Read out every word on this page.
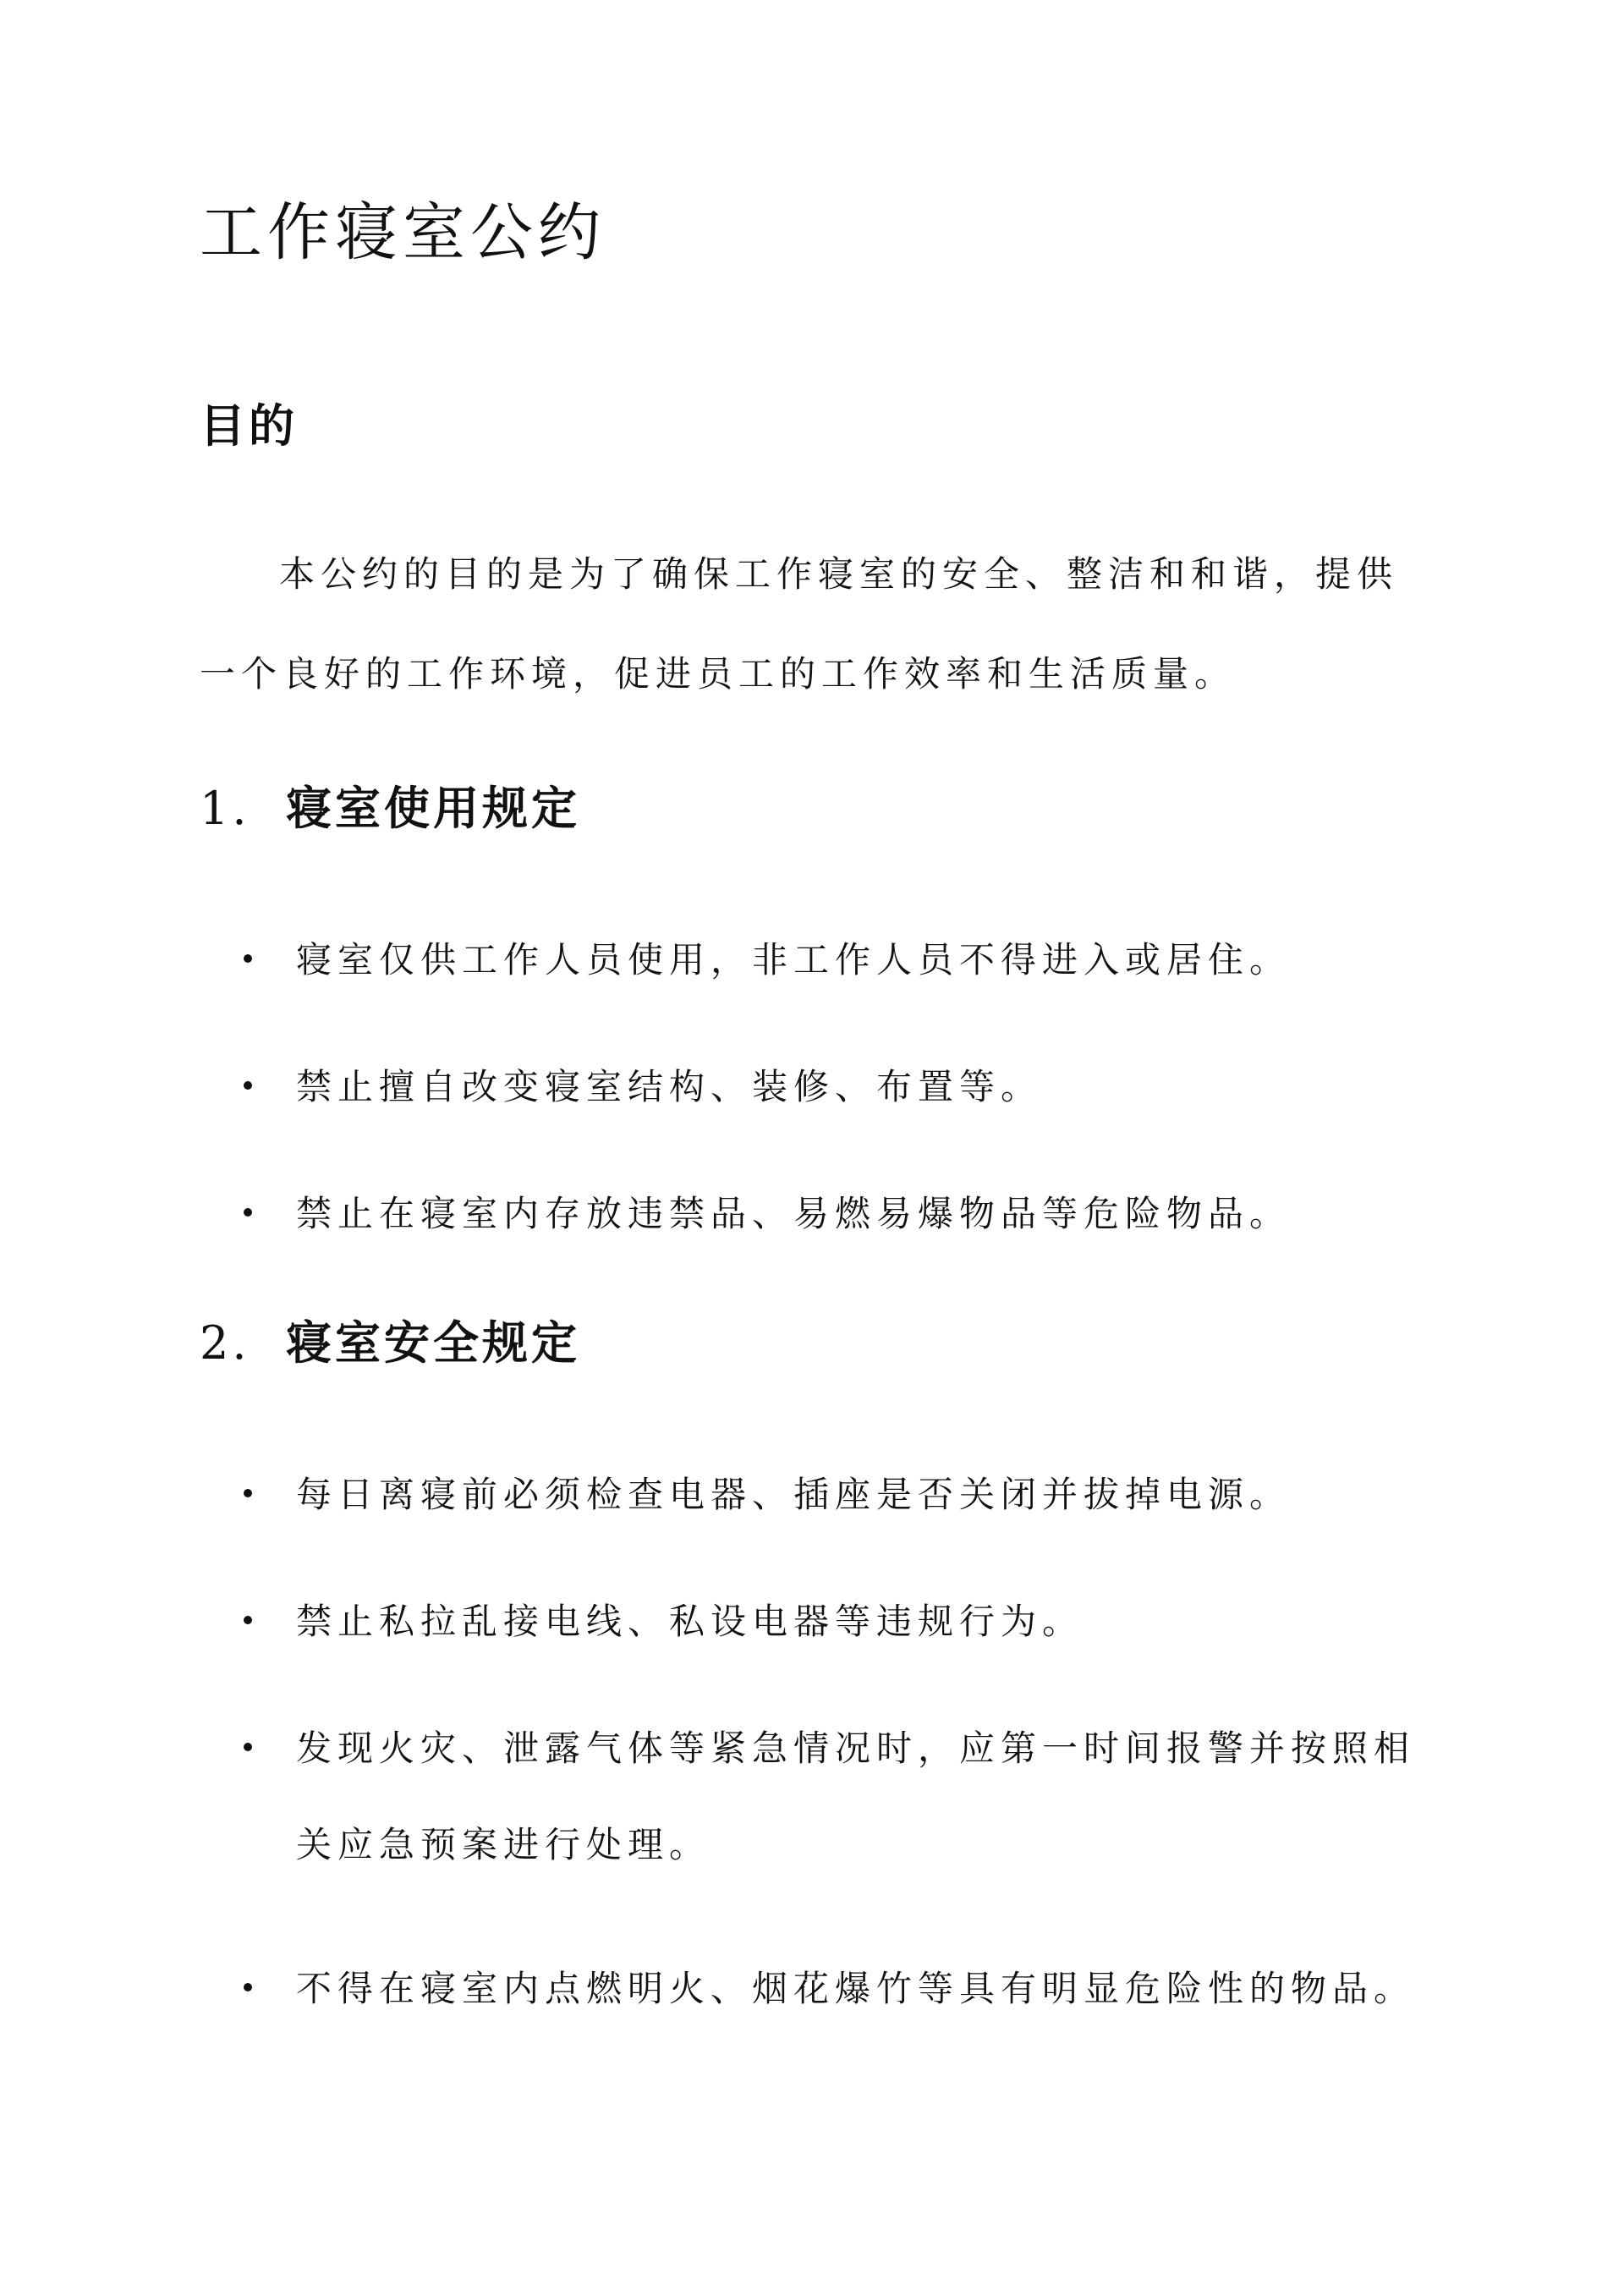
工作寝室公约
目的

本公约的目的是为了确保工作寝室的安全、整洁和和谐，提供一个良好的工作环境，促进员工的工作效率和生活质量。

1. 寝室使用规定
寝室仅供工作人员使用，非工作人员不得进入或居住。
禁止擅自改变寝室结构、装修、布置等。
禁止在寝室内存放违禁品、易燃易爆物品等危险物品。
2. 寝室安全规定
每日离寝前必须检查电器、插座是否关闭并拔掉电源。
禁止私拉乱接电线、私设电器等违规行为。
发现火灾、泄露气体等紧急情况时，应第一时间报警并按照相关应急预案进行处理。
不得在寝室内点燃明火、烟花爆竹等具有明显危险性的物品。
